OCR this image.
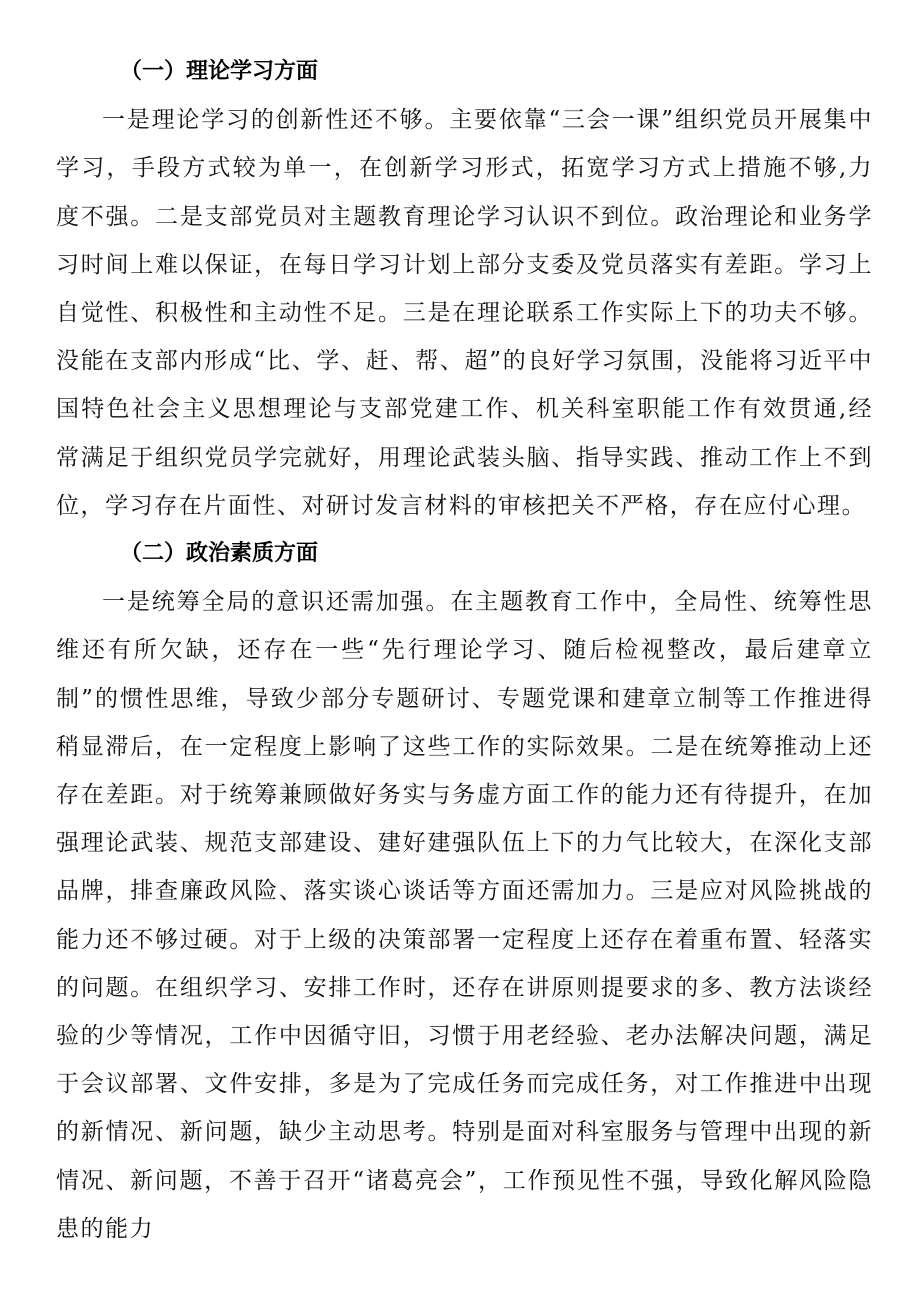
（一）理论学习方面

一是理论学习的创新性还不够。主要依靠“三会一课”组织党员开展集中学习，手段方式较为单一，在创新学习形式，拓宽学习方式上措施不够,力度不强。二是支部党员对主题教育理论学习认识不到位。政治理论和业务学习时间上难以保证，在每日学习计划上部分支委及党员落实有差距。学习上自觉性、积极性和主动性不足。三是在理论联系工作实际上下的功夫不够。没能在支部内形成“比、学、赶、帮、超”的良好学习氛围，没能将习近平中国特色社会主义思想理论与支部党建工作、机关科室职能工作有效贯通,经常满足于组织党员学完就好，用理论武装头脑、指导实践、推动工作上不到位，学习存在片面性、对研讨发言材料的审核把关不严格，存在应付心理。

（二）政治素质方面

一是统筹全局的意识还需加强。在主题教育工作中，全局性、统筹性思维还有所欠缺，还存在一些“先行理论学习、随后检视整改，最后建章立制”的惯性思维，导致少部分专题研讨、专题党课和建章立制等工作推进得稍显滞后，在一定程度上影响了这些工作的实际效果。二是在统筹推动上还存在差距。对于统筹兼顾做好务实与务虚方面工作的能力还有待提升，在加强理论武装、规范支部建设、建好建强队伍上下的力气比较大，在深化支部品牌，排查廉政风险、落实谈心谈话等方面还需加力。三是应对风险挑战的能力还不够过硬。对于上级的决策部署一定程度上还存在着重布置、轻落实的问题。在组织学习、安排工作时，还存在讲原则提要求的多、教方法谈经验的少等情况，工作中因循守旧，习惯于用老经验、老办法解决问题，满足于会议部署、文件安排，多是为了完成任务而完成任务，对工作推进中出现的新情况、新问题，缺少主动思考。特别是面对科室服务与管理中出现的新情况、新问题，不善于召开“诸葛亮会”，工作预见性不强，导致化解风险隐患的能力
